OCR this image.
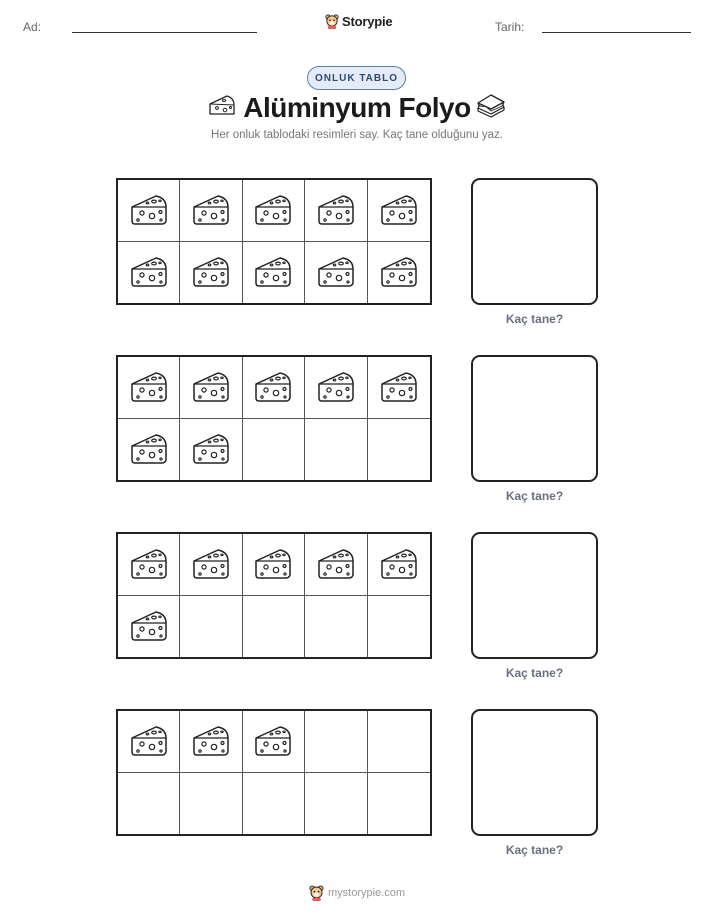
Ad:	Storypie	Tarih:
ONLUK TABLO
Alüminyum Folyo
Her onluk tablodaki resimleri say. Kaç tane olduğunu yaz.
Kaç tane?
Kaç tane?
Kaç tane?
Kaç tane?
mystorypie.com
